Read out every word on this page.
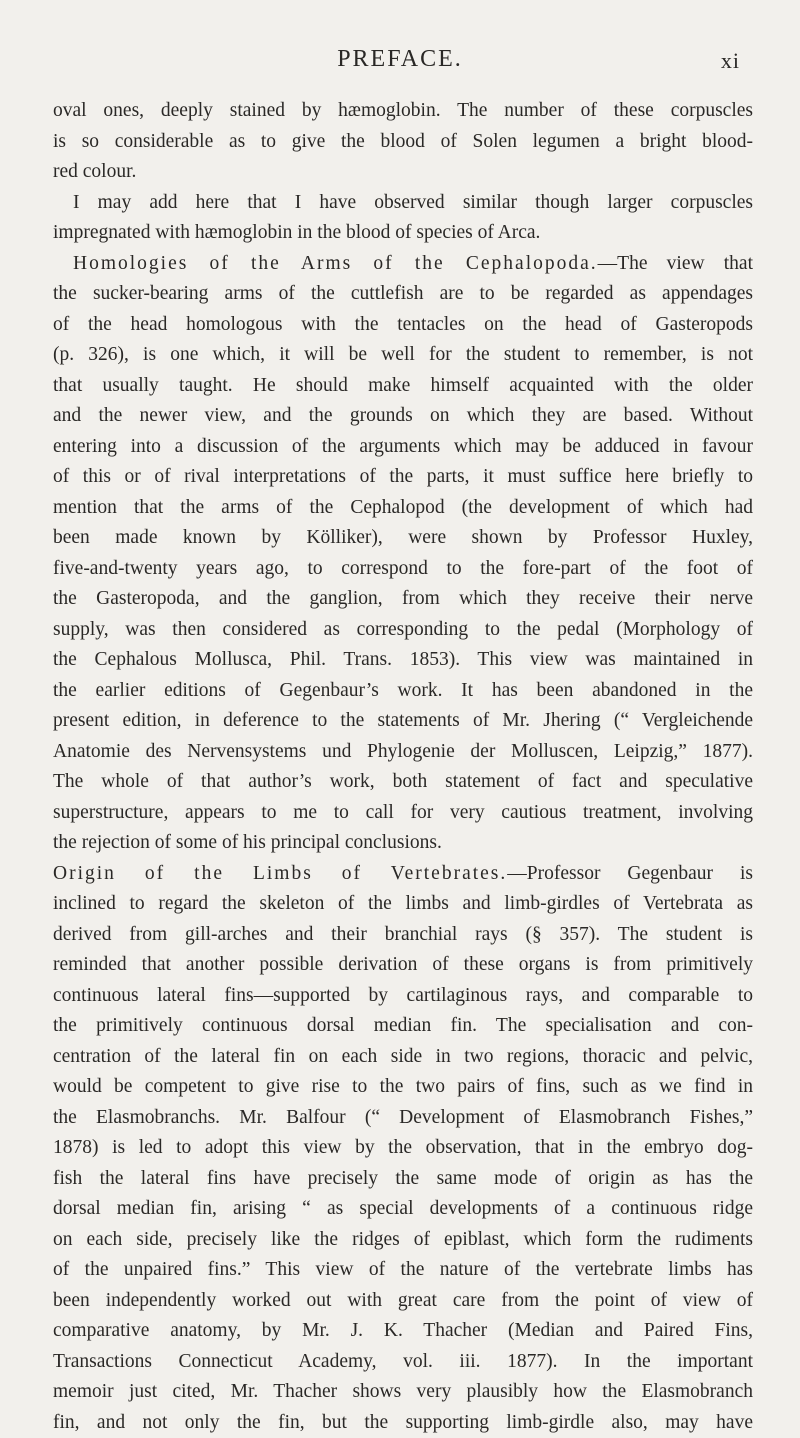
PREFACE.	xi
oval ones, deeply stained by hæmoglobin. The number of these corpuscles
is so considerable as to give the blood of Solen legumen a bright blood-
red colour.
I may add here that I have observed similar though larger corpuscles
impregnated with hæmoglobin in the blood of species of Arca.
Homologies of the Arms of the Cephalopoda.—The view that
the sucker-bearing arms of the cuttlefish are to be regarded as appendages
of the head homologous with the tentacles on the head of Gasteropods
(p. 326), is one which, it will be well for the student to remember, is not
that usually taught. He should make himself acquainted with the older
and the newer view, and the grounds on which they are based. Without
entering into a discussion of the arguments which may be adduced in favour
of this or of rival interpretations of the parts, it must suffice here briefly to
mention that the arms of the Cephalopod (the development of which had
been made known by Kölliker), were shown by Professor Huxley,
five-and-twenty years ago, to correspond to the fore-part of the foot of
the Gasteropoda, and the ganglion, from which they receive their nerve
supply, was then considered as corresponding to the pedal (Morphology of
the Cephalous Mollusca, Phil. Trans. 1853). This view was maintained in
the earlier editions of Gegenbaur’s work. It has been abandoned in the
present edition, in deference to the statements of Mr. Jhering (“ Vergleichende
Anatomie des Nervensystems und Phylogenie der Molluscen, Leipzig,” 1877).
The whole of that author’s work, both statement of fact and speculative
superstructure, appears to me to call for very cautious treatment, involving
the rejection of some of his principal conclusions.
Origin of the Limbs of Vertebrates.—Professor Gegenbaur is
inclined to regard the skeleton of the limbs and limb-girdles of Vertebrata as
derived from gill-arches and their branchial rays (§ 357). The student is
reminded that another possible derivation of these organs is from primitively
continuous lateral fins—supported by cartilaginous rays, and comparable to
the primitively continuous dorsal median fin. The specialisation and con-
centration of the lateral fin on each side in two regions, thoracic and pelvic,
would be competent to give rise to the two pairs of fins, such as we find in
the Elasmobranchs. Mr. Balfour (“ Development of Elasmobranch Fishes,”
1878) is led to adopt this view by the observation, that in the embryo dog-
fish the lateral fins have precisely the same mode of origin as has the
dorsal median fin, arising “ as special developments of a continuous ridge
on each side, precisely like the ridges of epiblast, which form the rudiments
of the unpaired fins.” This view of the nature of the vertebrate limbs has
been independently worked out with great care from the point of view of
comparative anatomy, by Mr. J. K. Thacher (Median and Paired Fins,
Transactions Connecticut Academy, vol. iii. 1877). In the important
memoir just cited, Mr. Thacher shows very plausibly how the Elasmobranch
fin, and not only the fin, but the supporting limb-girdle also, may have
